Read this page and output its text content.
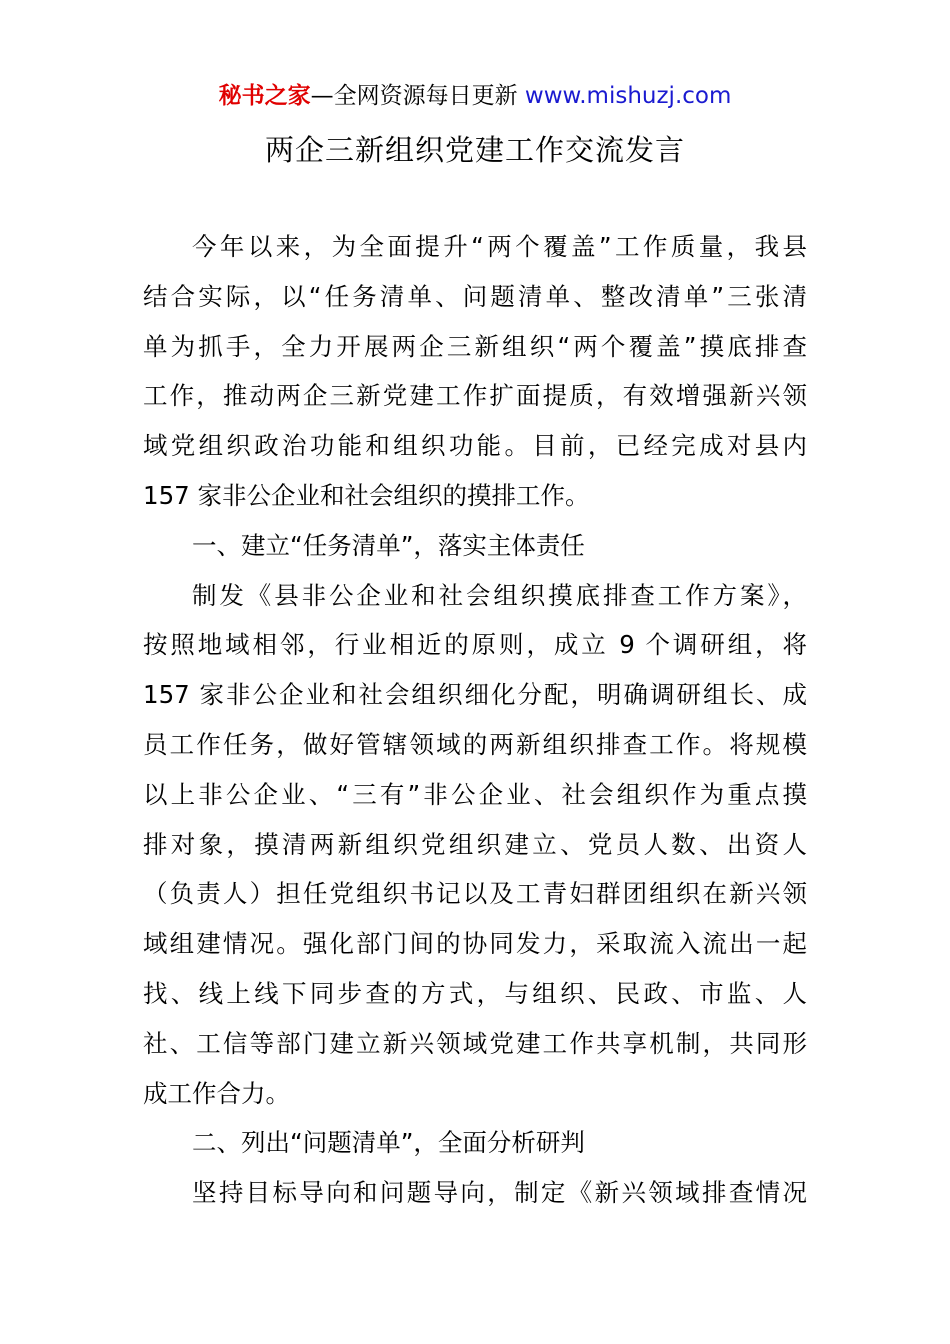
秘书之家—全网资源每日更新 www.mishuzj.com
两企三新组织党建工作交流发言
今年以来，为全面提升“两个覆盖”工作质量，我县
结合实际，以“任务清单、问题清单、整改清单”三张清
单为抓手，全力开展两企三新组织“两个覆盖”摸底排查
工作，推动两企三新党建工作扩面提质，有效增强新兴领
域党组织政治功能和组织功能。目前，已经完成对县内
157 家非公企业和社会组织的摸排工作。
一、建立“任务清单”，落实主体责任
制发《县非公企业和社会组织摸底排查工作方案》，
按照地域相邻，行业相近的原则，成立 9 个调研组，将
157 家非公企业和社会组织细化分配，明确调研组长、成
员工作任务，做好管辖领域的两新组织排查工作。将规模
以上非公企业、“三有”非公企业、社会组织作为重点摸
排对象，摸清两新组织党组织建立、党员人数、出资人
（负责人）担任党组织书记以及工青妇群团组织在新兴领
域组建情况。强化部门间的协同发力，采取流入流出一起
找、线上线下同步查的方式，与组织、民政、市监、人
社、工信等部门建立新兴领域党建工作共享机制，共同形
成工作合力。
二、列出“问题清单”，全面分析研判
坚持目标导向和问题导向，制定《新兴领域排查情况
